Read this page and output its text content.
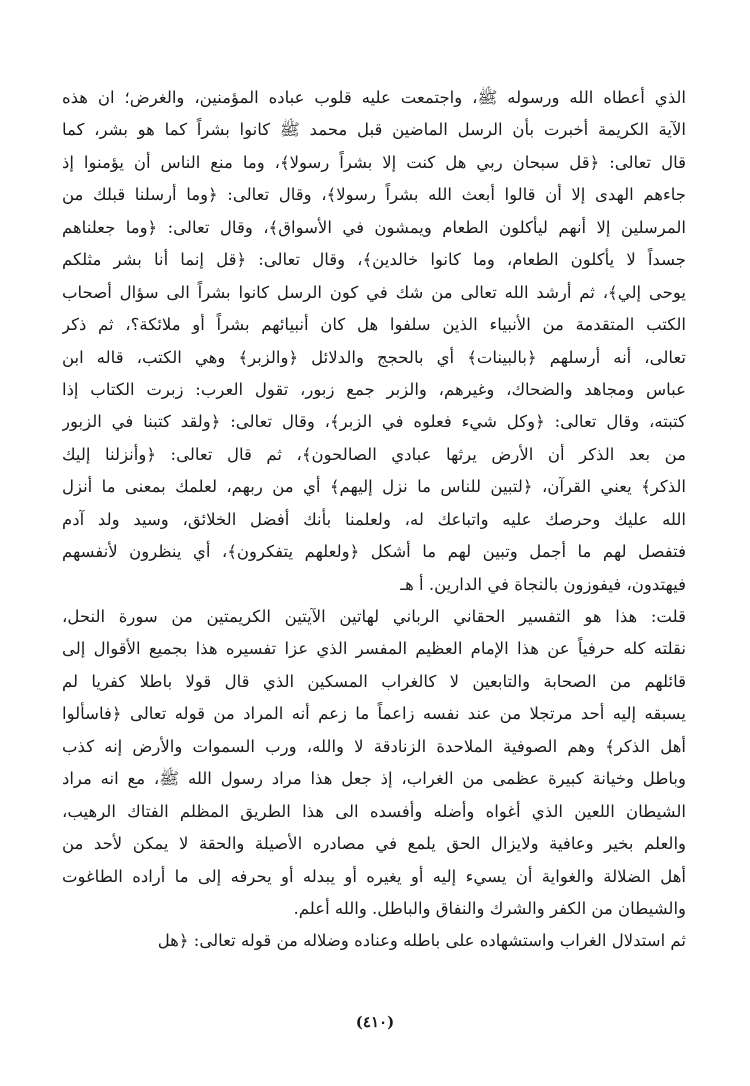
الذي أعطاه الله ورسوله ﷺ، واجتمعت عليه قلوب عباده المؤمنين، والغرض؛ ان هذه
الآية الكريمة أخبرت بأن الرسل الماضين قبل محمد ﷺ كانوا بشراً كما هو بشر، كما
قال تعالى: ﴿قل سبحان ربي هل كنت إلا بشراً رسولا﴾، وما منع الناس أن يؤمنوا إذ
جاءهم الهدى إلا أن قالوا أبعث الله بشراً رسولا﴾، وقال تعالى: ﴿وما أرسلنا قبلك من
المرسلين إلا أنهم ليأكلون الطعام ويمشون في الأسواق﴾، وقال تعالى: ﴿وما جعلناهم
جسداً لا يأكلون الطعام، وما كانوا خالدين﴾، وقال تعالى: ﴿قل إنما أنا بشر مثلكم
يوحى إلي﴾، ثم أرشد الله تعالى من شك في كون الرسل كانوا بشراً الى سؤال أصحاب
الكتب المتقدمة من الأنبياء الذين سلفوا هل كان أنبيائهم بشراً أو ملائكة؟، ثم ذكر
تعالى، أنه أرسلهم ﴿بالبينات﴾ أي بالحجج والدلائل ﴿والزبر﴾ وهي الكتب، قاله ابن
عباس ومجاهد والضحاك، وغيرهم، والزبر جمع زبور، تقول العرب: زبرت الكتاب إذا
كتبته، وقال تعالى: ﴿وكل شيء فعلوه في الزبر﴾، وقال تعالى: ﴿ولقد كتبنا في الزبور
من بعد الذكر أن الأرض يرثها عبادي الصالحون﴾، ثم قال تعالى: ﴿وأنزلنا إليك
الذكر﴾ يعني القرآن، ﴿لتبين للناس ما نزل إليهم﴾ أي من ربهم، لعلمك بمعنى ما أنزل
الله عليك وحرصك عليه واتباعك له، ولعلمنا بأنك أفضل الخلائق، وسيد ولد آدم
فتفصل لهم ما أجمل وتبين لهم ما أشكل ﴿ولعلهم يتفكرون﴾، أي ينظرون لأنفسهم
فيهتدون، فيفوزون بالنجاة في الدارين. أ هـ
قلت: هذا هو التفسير الحقاني الرباني لهاتين الآيتين الكريمتين من سورة النحل،
نقلته كله حرفياً عن هذا الإمام العظيم المفسر الذي عزا تفسيره هذا بجميع الأقوال إلى
قائلهم من الصحابة والتابعين لا كالغراب المسكين الذي قال قولا باطلا كفريا لم
يسبقه إليه أحد مرتجلا من عند نفسه زاعماً ما زعم أنه المراد من قوله تعالى ﴿فاسألوا
أهل الذكر﴾ وهم الصوفية الملاحدة الزنادقة لا والله، ورب السموات والأرض إنه كذب
وباطل وخيانة كبيرة عظمى من الغراب، إذ جعل هذا مراد رسول الله ﷺ، مع انه مراد
الشيطان اللعين الذي أغواه وأضله وأفسده الى هذا الطريق المظلم الفتاك الرهيب،
والعلم بخير وعافية ولايزال الحق يلمع في مصادره الأصيلة والحقة لا يمكن لأحد من
أهل الضلالة والغواية أن يسيء إليه أو يغيره أو يبدله أو يحرفه إلى ما أراده الطاغوت
والشيطان من الكفر والشرك والنفاق والباطل. والله أعلم.
ثم استدلال الغراب واستشهاده على باطله وعناده وضلاله من قوله تعالى: ﴿هل
(٤١٠)
